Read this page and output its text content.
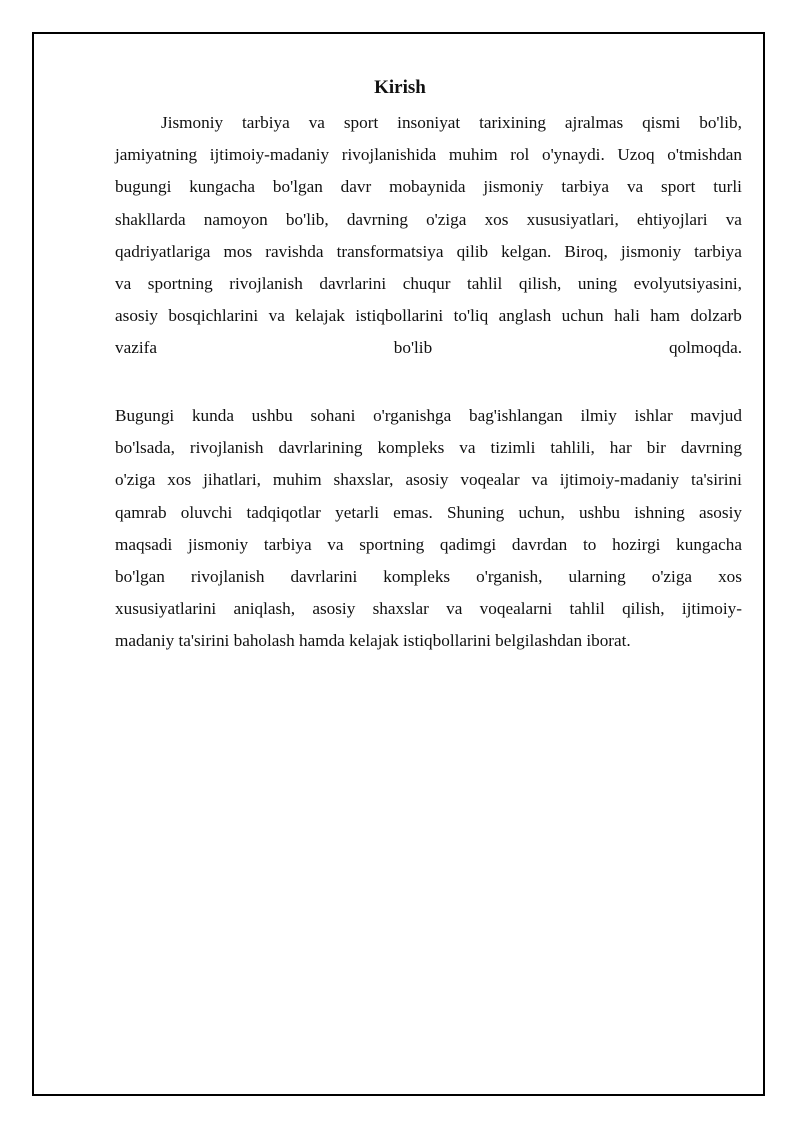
Kirish

Jismoniy tarbiya va sport insoniyat tarixining ajralmas qismi bo'lib,
jamiyatning ijtimoiy-madaniy rivojlanishida muhim rol o'ynaydi. Uzoq o'tmishdan
bugungi kungacha bo'lgan davr mobaynida jismoniy tarbiya va sport turli
shakllarda namoyon bo'lib, davrning o'ziga xos xususiyatlari, ehtiyojlari va
qadriyatlariga mos ravishda transformatsiya qilib kelgan. Biroq, jismoniy tarbiya
va sportning rivojlanish davrlarini chuqur tahlil qilish, uning evolyutsiyasini,
asosiy bosqichlarini va kelajak istiqbollarini to'liq anglash uchun hali ham dolzarb
vazifa	bo'lib	qolmoqda.

Bugungi kunda ushbu sohani o'rganishga bag'ishlangan ilmiy ishlar mavjud
bo'lsada, rivojlanish davrlarining kompleks va tizimli tahlili, har bir davrning
o'ziga xos jihatlari, muhim shaxslar, asosiy voqealar va ijtimoiy-madaniy ta'sirini
qamrab oluvchi tadqiqotlar yetarli emas. Shuning uchun, ushbu ishning asosiy
maqsadi jismoniy tarbiya va sportning qadimgi davrdan to hozirgi kungacha
bo'lgan rivojlanish davrlarini kompleks o'rganish, ularning o'ziga xos
xususiyatlarini aniqlash, asosiy shaxslar va voqealarni tahlil qilish, ijtimoiy-
madaniy ta'sirini baholash hamda kelajak istiqbollarini belgilashdan iborat.
